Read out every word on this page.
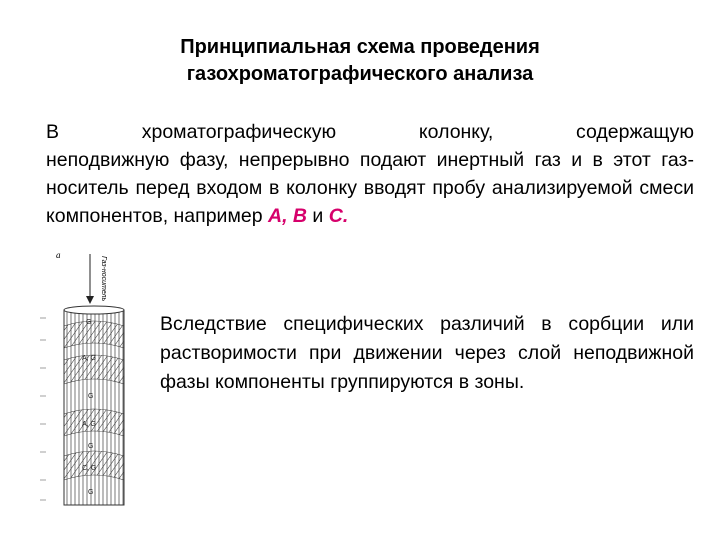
Принципиальная схема проведения
газохроматографического анализа
В хроматографическую колонку, содержащую
неподвижную фазу, непрерывно подают инертный газ и в этот газ-носитель перед входом в колонку вводят пробу анализируемой смеси компонентов, например A, B и C.
Вследствие специфических различий в сорбции или растворимости при движении через слой неподвижной фазы компоненты группируются в зоны.
а
Газ-носитель
G
A, G
G
A, G
G
C, G
G
